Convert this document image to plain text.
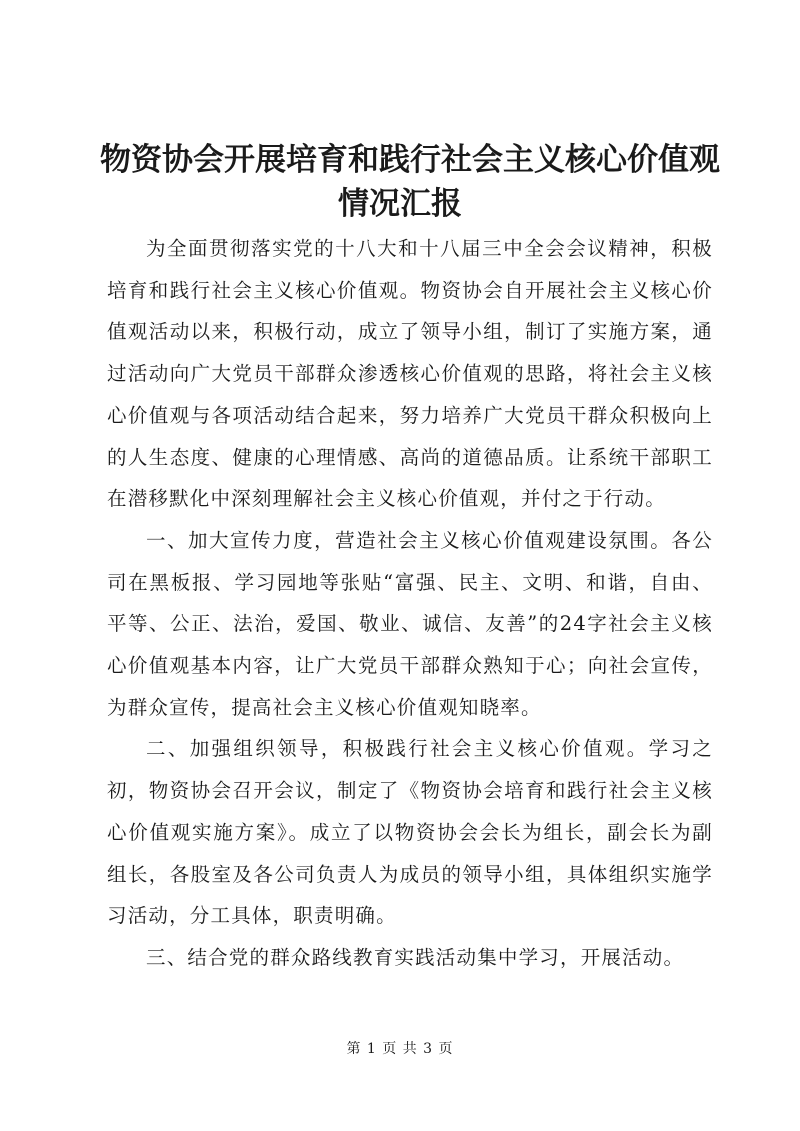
物资协会开展培育和践行社会主义核心价值观
情况汇报

为全面贯彻落实党的十八大和十八届三中全会会议精神，积极培育和践行社会主义核心价值观。物资协会自开展社会主义核心价值观活动以来，积极行动，成立了领导小组，制订了实施方案，通过活动向广大党员干部群众渗透核心价值观的思路，将社会主义核心价值观与各项活动结合起来，努力培养广大党员干群众积极向上的人生态度、健康的心理情感、高尚的道德品质。让系统干部职工在潜移默化中深刻理解社会主义核心价值观，并付之于行动。

一、加大宣传力度，营造社会主义核心价值观建设氛围。各公司在黑板报、学习园地等张贴“富强、民主、文明、和谐，自由、平等、公正、法治，爱国、敬业、诚信、友善”的24字社会主义核心价值观基本内容，让广大党员干部群众熟知于心；向社会宣传，为群众宣传，提高社会主义核心价值观知晓率。

二、加强组织领导，积极践行社会主义核心价值观。学习之初，物资协会召开会议，制定了《物资协会培育和践行社会主义核心价值观实施方案》。成立了以物资协会会长为组长，副会长为副组长，各股室及各公司负责人为成员的领导小组，具体组织实施学习活动，分工具体，职责明确。

三、结合党的群众路线教育实践活动集中学习，开展活动。

第 1 页 共 3 页
